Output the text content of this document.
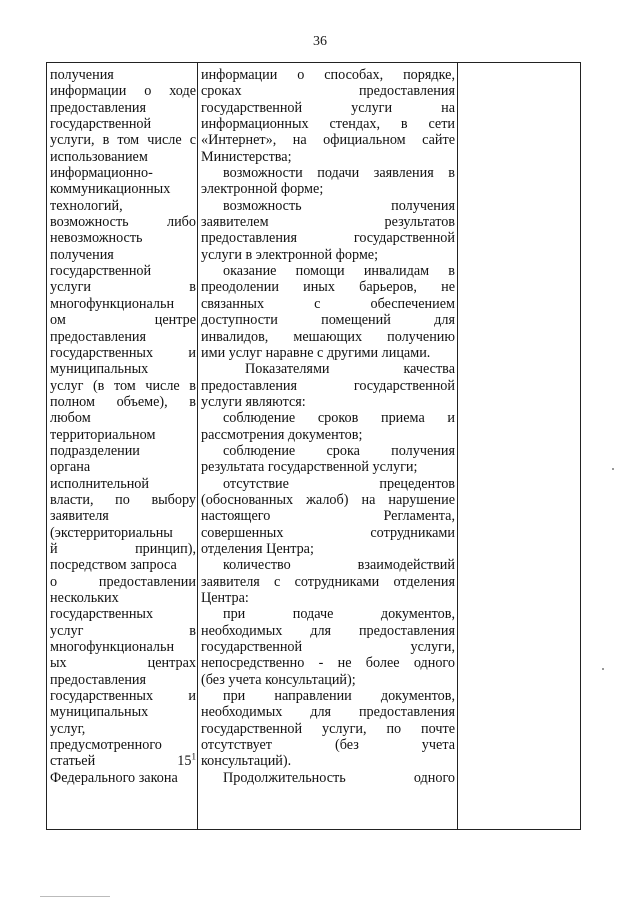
36
получения
информации о ходе
предоставления
государственной
услуги, в том числе с
использованием
информационно-
коммуникационных
технологий,
возможность либо
невозможность
получения
государственной
услуги в
многофункциональн
ом центре
предоставления
государственных и
муниципальных
услуг (в том числе в
полном объеме), в
любом
территориальном
подразделении
органа
исполнительной
власти, по выбору
заявителя
(экстерриториальны
й принцип),
посредством запроса
о предоставлении
нескольких
государственных
услуг в
многофункциональн
ых центрах
предоставления
государственных и
муниципальных
услуг,
предусмотренного
статьей $15^1$
Федерального закона
информации о способах, порядке,
сроках предоставления
государственной услуги на
информационных стендах, в сети
«Интернет», на официальном сайте
Министерства;
возможности подачи заявления в
электронной форме;
возможность получения
заявителем результатов
предоставления государственной
услуги в электронной форме;
оказание помощи инвалидам в
преодолении иных барьеров, не
связанных с обеспечением
доступности помещений для
инвалидов, мешающих получению
ими услуг наравне с другими лицами.
Показателями качества
предоставления государственной
услуги являются:
соблюдение сроков приема и
рассмотрения документов;
соблюдение срока получения
результата государственной услуги;
отсутствие прецедентов
(обоснованных жалоб) на нарушение
настоящего Регламента,
совершенных сотрудниками
отделения Центра;
количество взаимодействий
заявителя с сотрудниками отделения
Центра:
при подаче документов,
необходимых для предоставления
государственной услуги,
непосредственно - не более одного
(без учета консультаций);
при направлении документов,
необходимых для предоставления
государственной услуги, по почте
отсутствует (без учета
консультаций).
Продолжительность одного
